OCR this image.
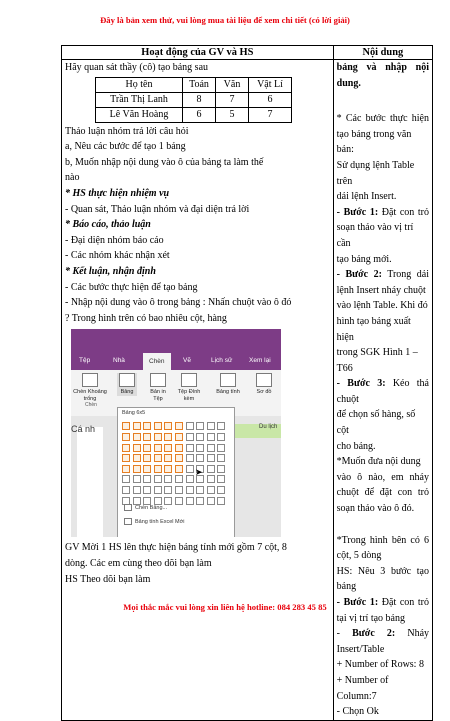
Đây là bản xem thử, vui lòng mua tài liệu để xem chi tiết (có lời giải)
Hoạt động của GV và HS	Nội dung

Hãy quan sát thầy (cô) tạo bảng sau
Họ tên	Toán	Văn	Vật Lí
Trần Thị Lanh	8	7	6
Lê Văn Hoàng	6	5	7
Thảo luận nhóm trả lời câu hỏi
a, Nêu các bước để tạo 1 bảng
b, Muốn nhập nội dung vào ô của bảng ta làm thế
nào
* HS thực hiện nhiệm vụ
- Quan sát, Thảo luận nhóm và đại diện trả lời
* Báo cáo, thảo luận
- Đại diện nhóm báo cáo
- Các nhóm khác nhận xét
* Kết luận, nhận định
- Các bước thực hiện để tạo bảng
- Nhập nội dung vào ô trong bảng : Nhấn chuột vào ô đó
? Trong hình trên có bao nhiêu cột, hàng
Tệp	Nhà	Chèn	Vẽ	Lịch sử	Xem lại
Chèn Khoảng trống
Bảng	Bản in Tệp
Tệp Đính kèm
Bảng tính	Sơ đồ
Chèn
Du lịch
Cá nh
Bảng 6x5
Chèn Bảng...
Bảng tính Excel Mới
➤
GV Mời 1 HS lên thực hiện bảng tính mới gồm 7 cột, 8
dòng. Các em cùng theo dõi bạn làm
HS Theo dõi bạn làm

bảng và nhập nội
dung.
* Các bước thực hiện
tạo bảng trong văn bản:
Sử dụng lệnh Table trên
dải lệnh Insert.
- Bước 1: Đặt con trỏ
soạn thảo vào vị trí cần
tạo bảng mới.
- Bước 2: Trong dải
lệnh Insert nháy chuột
vào lệnh Table. Khi đó
hình tạo bảng xuất hiện
trong SGK Hình 1 –T66
- Bước 3: Kéo thả chuột
để chọn số hàng, số cột
cho bảng.
*Muốn đưa nội dung
vào ô nào, em nháy
chuột để đặt con trỏ
soạn thảo vào ô đó.
*Trong hình bên có 6
cột, 5 dòng
HS: Nêu 3 bước tạo
bảng
- Bước 1: Đặt con trỏ
tại vị trí tạo bảng
- Bước 2: Nháy
Insert/Table
+ Number of Rows: 8
+ Number of Column:7
- Chọn Ok
Mọi thắc mắc vui lòng xin liên hệ hotline: 084 283 45 85
